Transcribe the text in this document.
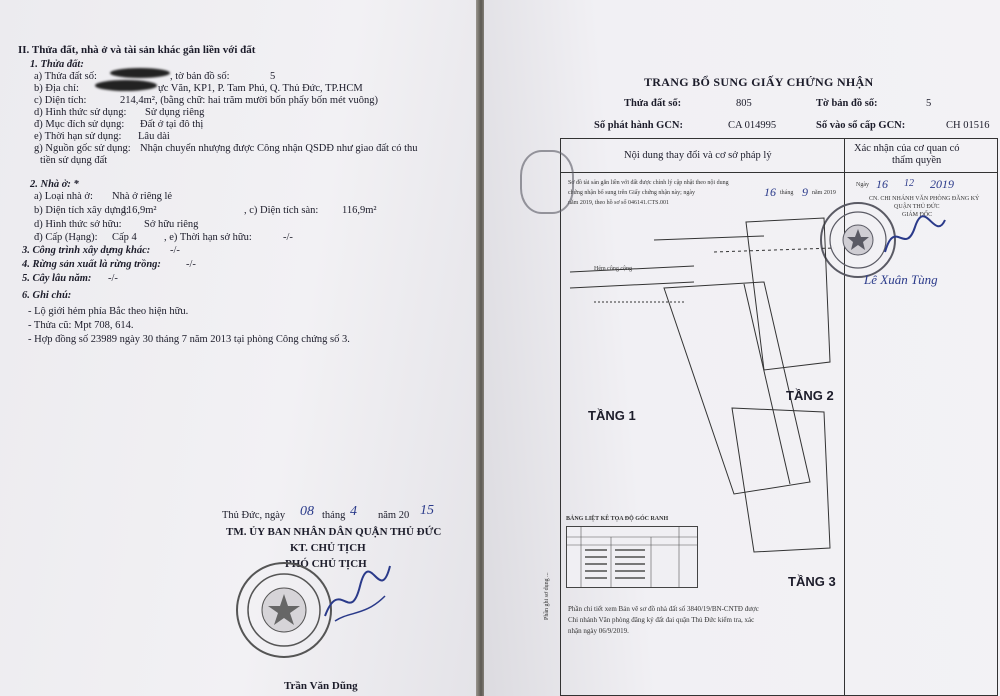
II. Thửa đất, nhà ở và tài sản khác gắn liền với đất
1. Thửa đất:
a) Thửa đất số:	, tờ bản đồ số:	5
b) Địa chỉ:	ực Văn, KP1, P. Tam Phú, Q. Thủ Đức, TP.HCM
c) Diện tích:	214,4m², (bằng chữ: hai trăm mười bốn phẩy bốn mét vuông)
d) Hình thức sử dụng: Sử dụng riêng
đ) Mục đích sử dụng: Đất ở tại đô thị
e) Thời hạn sử dụng: Lâu dài
g) Nguồn gốc sử dụng: Nhận chuyển nhượng được Công nhận QSDĐ như giao đất có thu
tiền sử dụng đất
2. Nhà ở: *
a) Loại nhà ở: Nhà ở riêng lẻ
b) Diện tích xây dựng:
116,9m²	, c) Diện tích sàn: 116,9m²
d) Hình thức sở hữu: Sở hữu riêng
đ) Cấp (Hạng): Cấp 4	, e) Thời hạn sở hữu:	-/-
3. Công trình xây dựng khác: -/-
4. Rừng sản xuất là rừng trồng: -/-
5. Cây lâu năm: -/-
6. Ghi chú:
- Lộ giới hẻm phía Bắc theo hiện hữu.
- Thửa cũ: Mpt 708, 614.
- Hợp đồng số 23989 ngày 30 tháng 7 năm 2013 tại phòng Công chứng số 3.
Thủ Đức, ngày 08 tháng 4 năm 20 15
TM. ỦY BAN NHÂN DÂN QUẬN THỦ ĐỨC
KT. CHỦ TỊCH
PHÓ CHỦ TỊCH
Trần Văn Dũng
TRANG BỔ SUNG GIẤY CHỨNG NHẬN
Thửa đất số:	805	Tờ bản đồ số:	5
Số phát hành GCN:	CA 014995	Số vào sổ cấp GCN:	CH 01516
Nội dung thay đổi và cơ sở pháp lý
Xác nhận của cơ quan có
thẩm quyền
Sơ đồ tài sản gắn liền với đất được chỉnh lý cập nhật theo nội dung
chứng nhận bổ sung trên Giấy chứng nhận này; ngày	16 tháng 9 năm 2019
năm 2019, theo hồ sơ số 046141.CTS.001
Ngày 16 12 2019
CN. CHI NHÁNH VĂN PHÒNG ĐĂNG KÝ
QUẬN THỦ ĐỨC
GIÁM ĐỐC
Lê Xuân Tùng
Hẻm công cộng
TẦNG 1
TẦNG 2
TẦNG 3
BẢNG LIỆT KÊ TỌA ĐỘ GÓC RANH
Phần chi tiết xem Bản vẽ sơ đồ nhà đất số 3840/19/BN-CNTĐ được
Chi nhánh Văn phòng đăng ký đất đai quận Thủ Đức kiểm tra, xác
nhận ngày 06/9/2019.
Phần ghi sơ dụng ...
